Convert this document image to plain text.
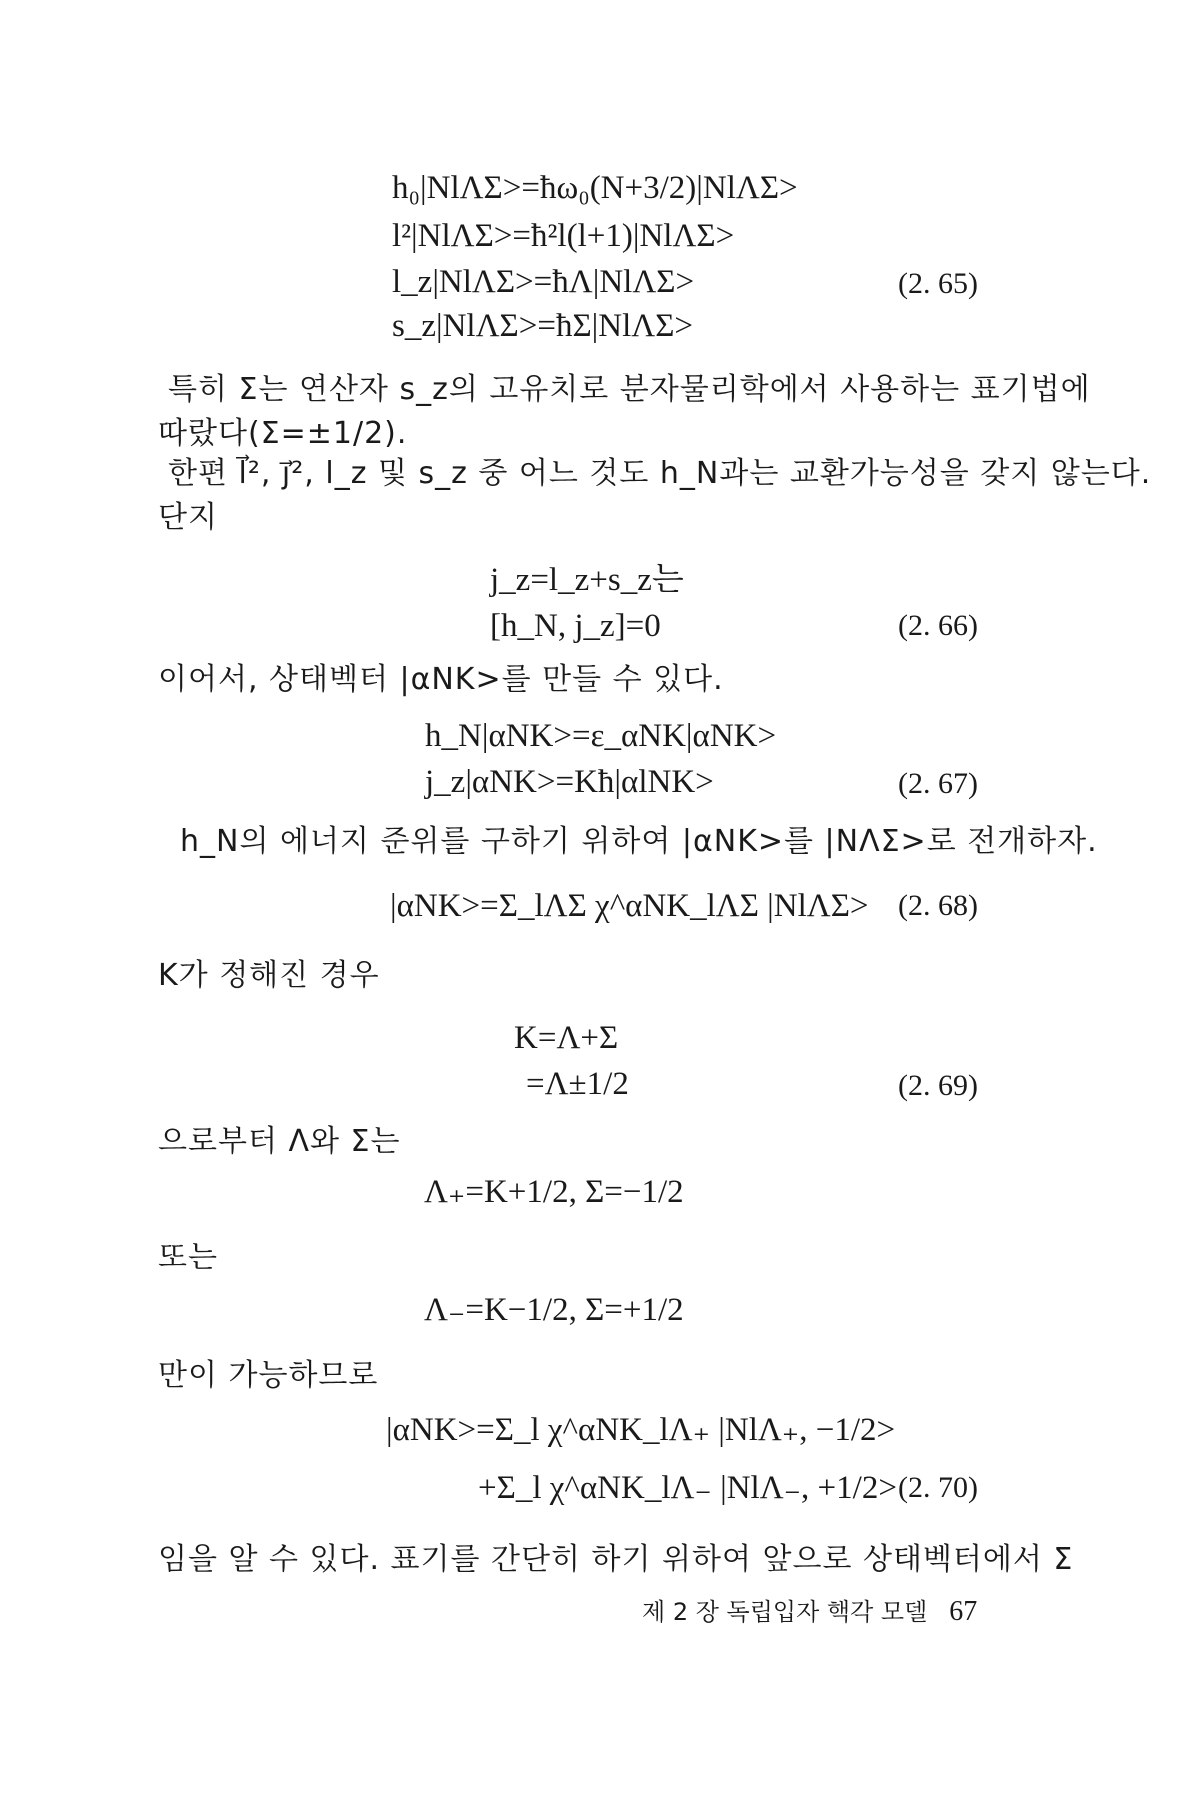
h₀|NlΛΣ>=ħω₀(N+3/2)|NlΛΣ>
l²|NlΛΣ>=ħ²l(l+1)|NlΛΣ>
l_z|NlΛΣ>=ħΛ|NlΛΣ>
s_z|NlΛΣ>=ħΣ|NlΛΣ>
(2. 65)
특히 Σ는 연산자 s_z의 고유치로 분자물리학에서 사용하는 표기법에
따랐다(Σ=±1/2).
한편 l⃗², j⃗², l_z 및 s_z 중 어느 것도 h_N과는 교환가능성을 갖지 않는다.
단지
j_z=l_z+s_z는
[h_N, j_z]=0	(2. 66)
이어서, 상태벡터 |αNK>를 만들 수 있다.
h_N|αNK>=ε_αNK|αNK>
j_z|αNK>=Kħ|αlNK>	(2. 67)
h_N의 에너지 준위를 구하기 위하여 |αNK>를 |NΛΣ>로 전개하자.
|αNK>=Σ_lΛΣ χ^αNK_lΛΣ |NlΛΣ> (2. 68)
K가 정해진 경우
K=Λ+Σ
=Λ±1/2	(2. 69)
으로부터 Λ와 Σ는
Λ₊=K+1/2, Σ=−1/2
또는
Λ₋=K−1/2, Σ=+1/2
만이 가능하므로
|αNK>=Σ_l χ^αNK_lΛ₊ |NlΛ₊, −1/2>
+Σ_l χ^αNK_lΛ₋ |NlΛ₋, +1/2> (2. 70)
임을 알 수 있다. 표기를 간단히 하기 위하여 앞으로 상태벡터에서 Σ
제 2 장 독립입자 핵각 모델 67
